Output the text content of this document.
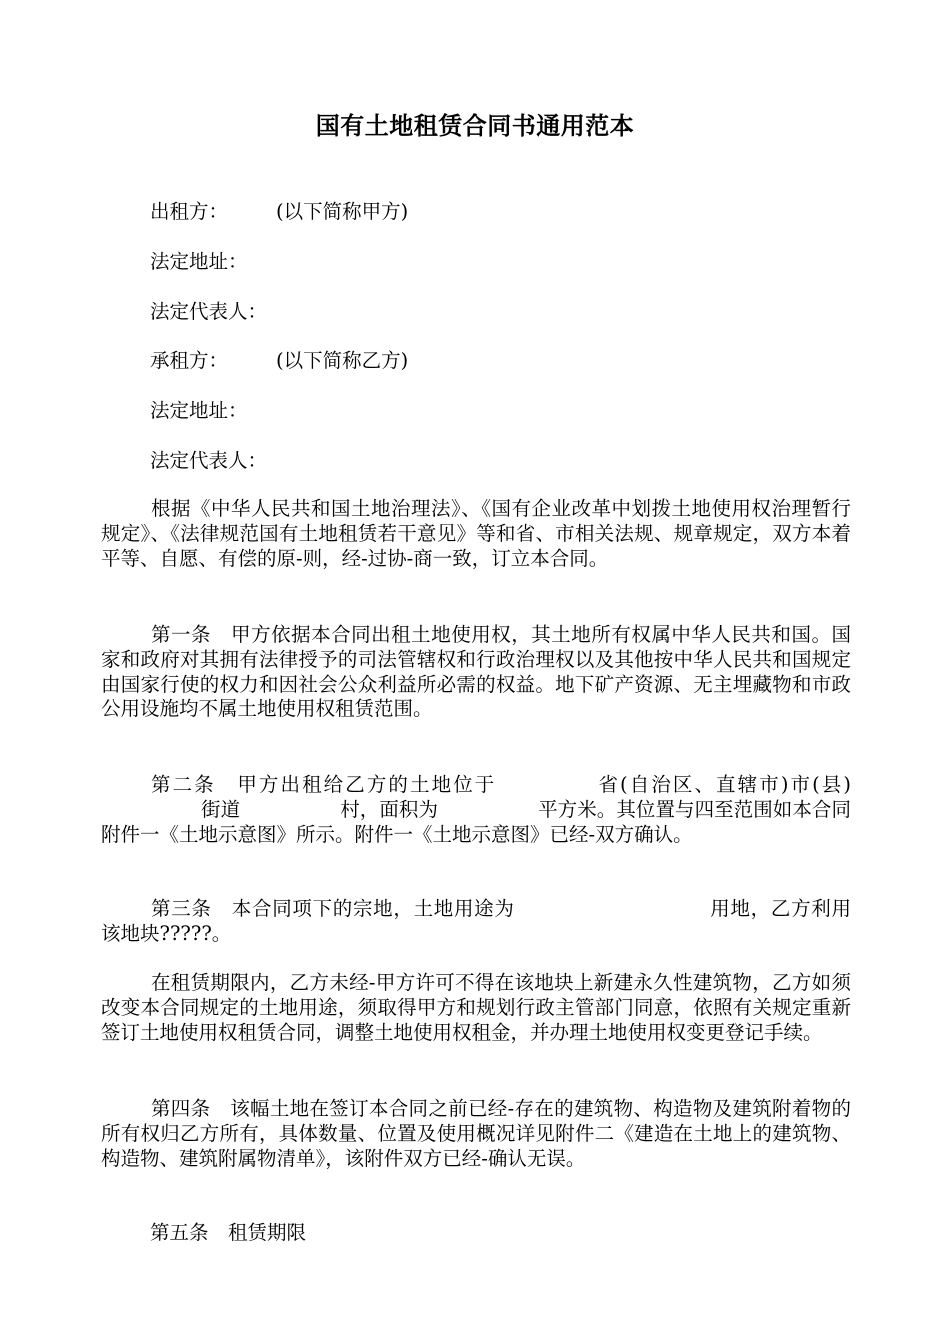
国有土地租赁合同书通用范本
出租方： (以下简称甲方)
法定地址：
法定代表人：
承租方： (以下简称乙方)
法定地址：
法定代表人：
根据《中华人民共和国土地治理法》、《国有企业改革中划拨土地使用权治理暂行规定》、《法律规范国有土地租赁若干意见》等和省、市相关法规、规章规定，双方本着平等、自愿、有偿的原-则，经-过协-商一致，订立本合同。
第一条　甲方依据本合同出租土地使用权，其土地所有权属中华人民共和国。国家和政府对其拥有法律授予的司法管辖权和行政治理权以及其他按中华人民共和国规定由国家行使的权力和因社会公众利益所必需的权益。地下矿产资源、无主埋藏物和市政公用设施均不属土地使用权租赁范围。
第二条　甲方出租给乙方的土地位于	省(自治区、直辖市)市(县)街道	村，面积为	平方米。其位置与四至范围如本合同附件一《土地示意图》所示。附件一《土地示意图》已经-双方确认。
第三条　本合同项下的宗地，土地用途为	用地，乙方利用该地块?????。
在租赁期限内，乙方未经-甲方许可不得在该地块上新建永久性建筑物，乙方如须改变本合同规定的土地用途，须取得甲方和规划行政主管部门同意，依照有关规定重新签订土地使用权租赁合同，调整土地使用权租金，并办理土地使用权变更登记手续。
第四条　该幅土地在签订本合同之前已经-存在的建筑物、构造物及建筑附着物的所有权归乙方所有，具体数量、位置及使用概况详见附件二《建造在土地上的建筑物、构造物、建筑附属物清单》，该附件双方已经-确认无误。
第五条　租赁期限
